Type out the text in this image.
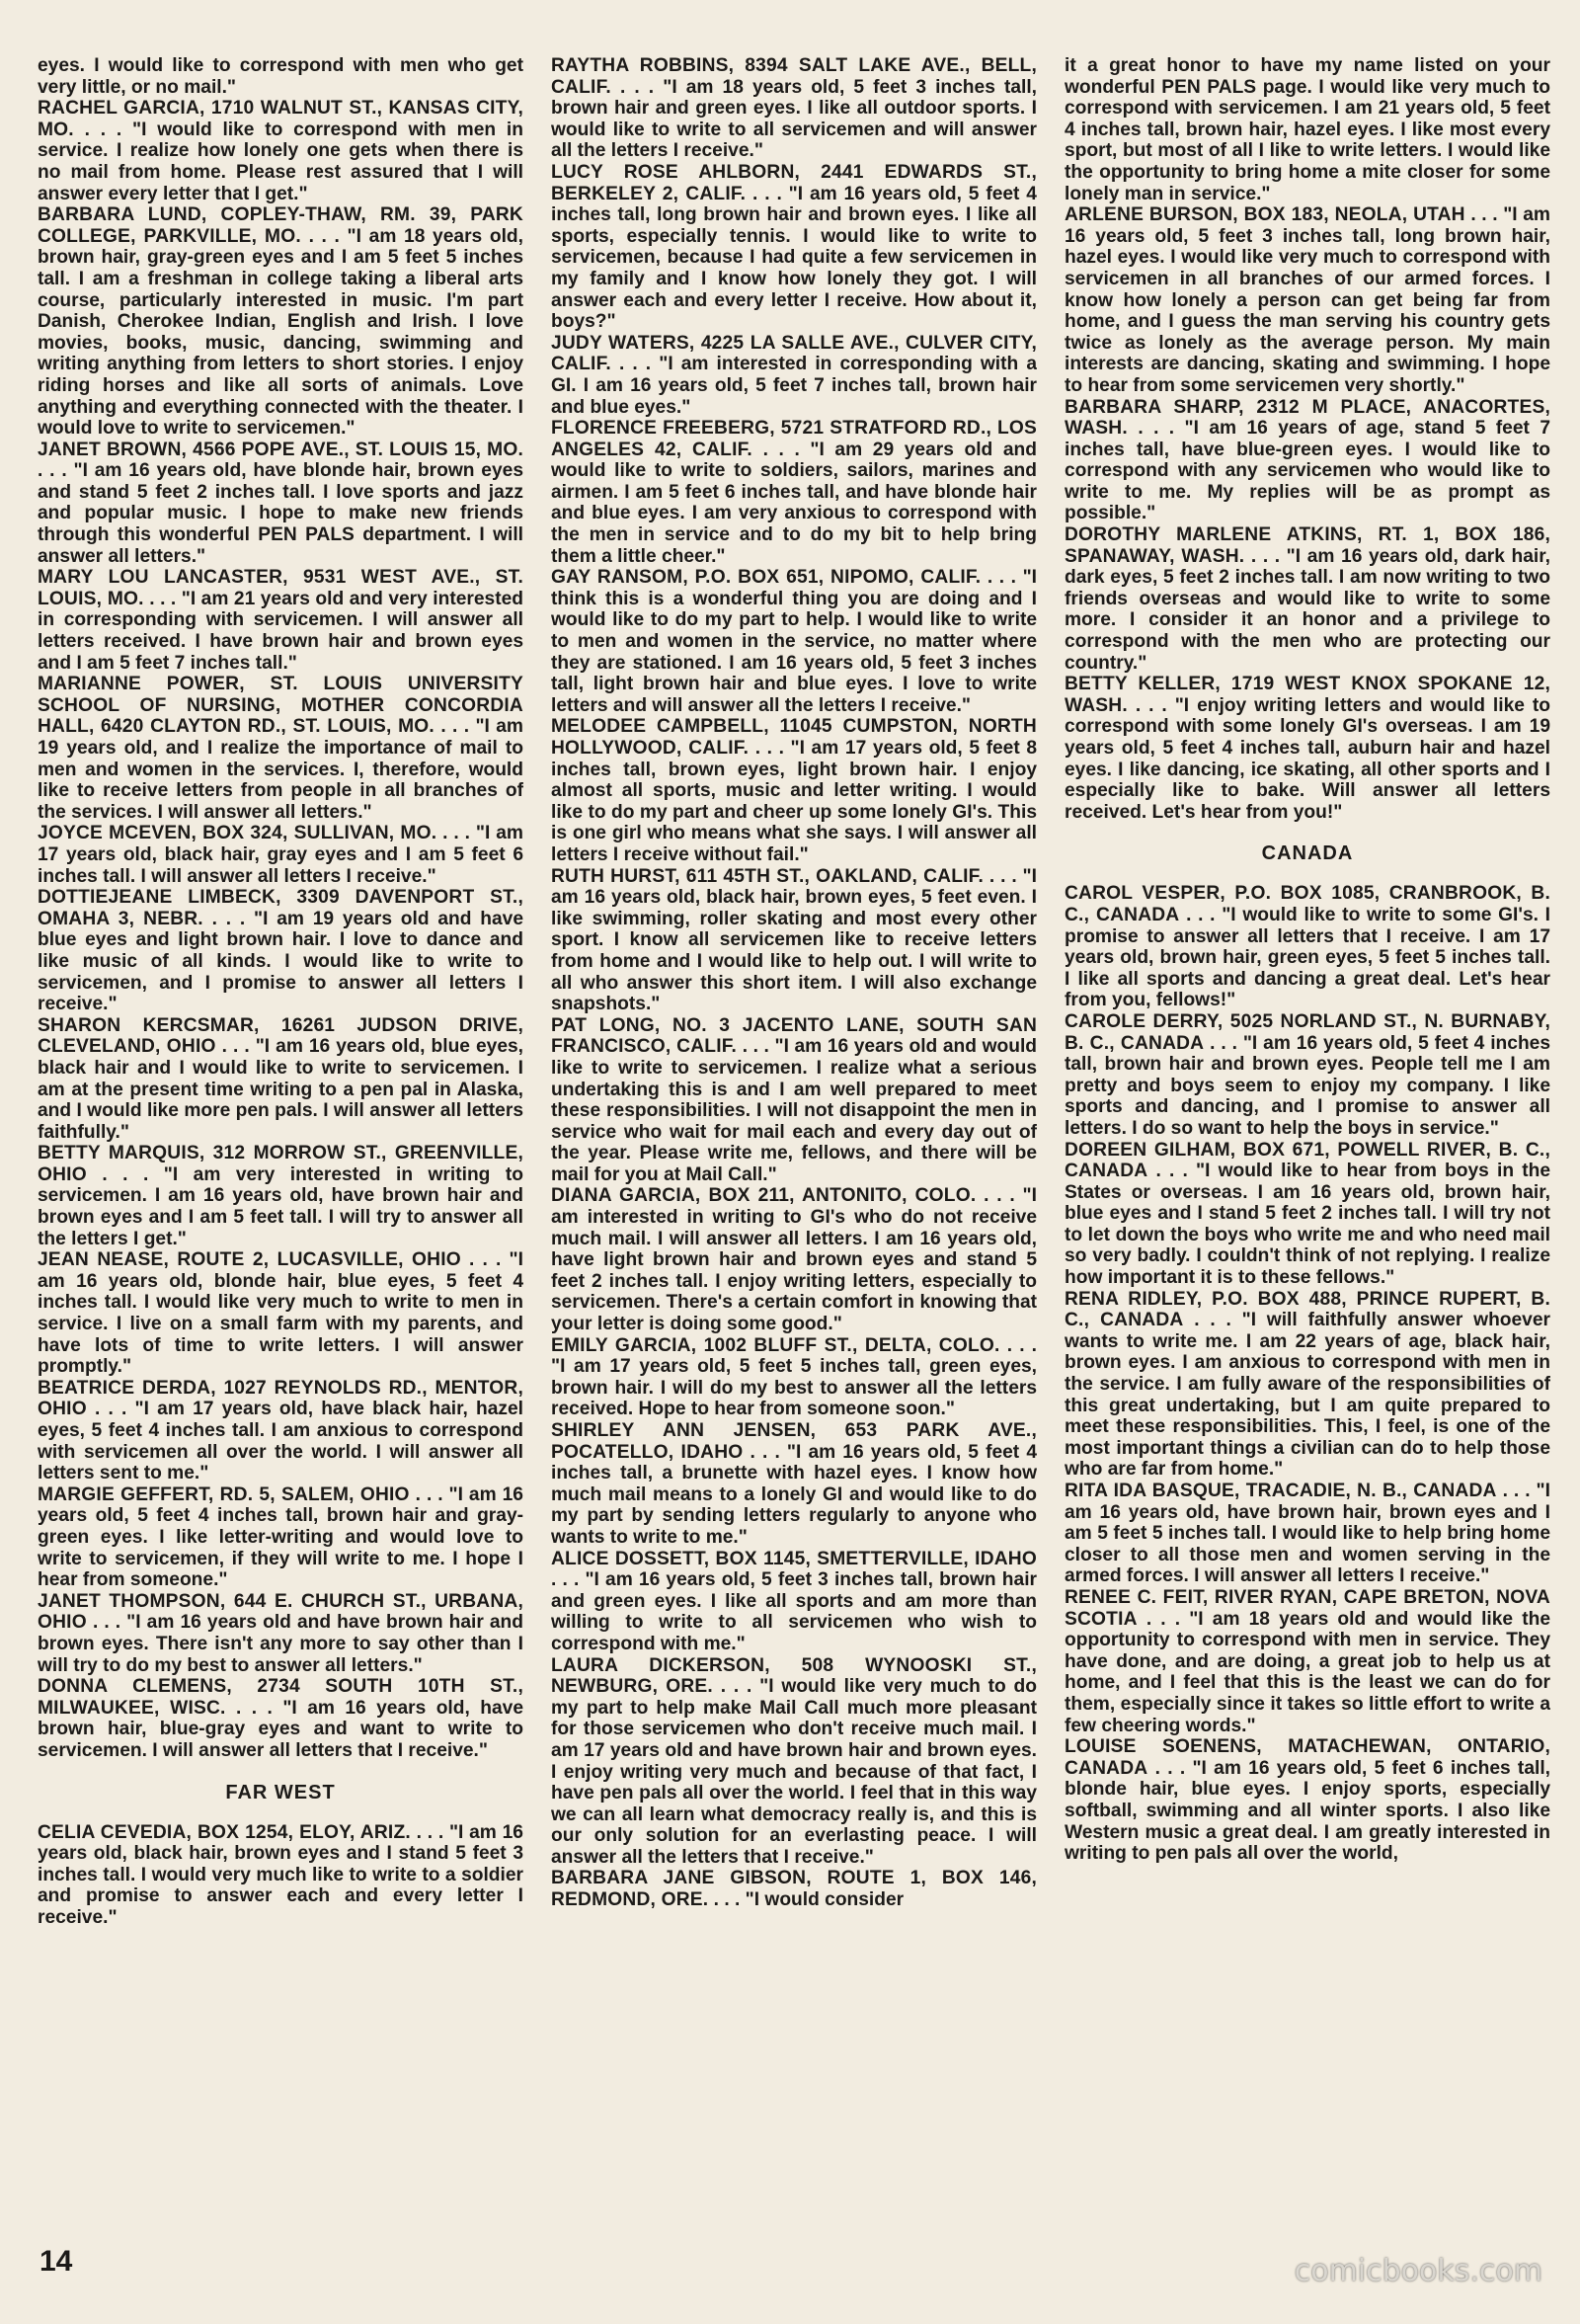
eyes. I would like to correspond with men who get very little, or no mail."

RACHEL GARCIA, 1710 WALNUT ST., KANSAS CITY, MO. . . . "I would like to correspond with men in service. I realize how lonely one gets when there is no mail from home. Please rest assured that I will answer every letter that I get."

BARBARA LUND, COPLEY-THAW, RM. 39, PARK COLLEGE, PARKVILLE, MO. . . . "I am 18 years old, brown hair, gray-green eyes and I am 5 feet 5 inches tall. I am a freshman in college taking a liberal arts course, particularly interested in music. I'm part Danish, Cherokee Indian, English and Irish. I love movies, books, music, dancing, swimming and writing anything from letters to short stories. I enjoy riding horses and like all sorts of animals. Love anything and everything connected with the theater. I would love to write to servicemen."

JANET BROWN, 4566 POPE AVE., ST. LOUIS 15, MO. . . . "I am 16 years old, have blonde hair, brown eyes and stand 5 feet 2 inches tall. I love sports and jazz and popular music. I hope to make new friends through this wonderful PEN PALS department. I will answer all letters."

MARY LOU LANCASTER, 9531 WEST AVE., ST. LOUIS, MO. . . . "I am 21 years old and very interested in corresponding with servicemen. I will answer all letters received. I have brown hair and brown eyes and I am 5 feet 7 inches tall."

MARIANNE POWER, ST. LOUIS UNIVERSITY SCHOOL OF NURSING, MOTHER CONCORDIA HALL, 6420 CLAYTON RD., ST. LOUIS, MO. . . . "I am 19 years old, and I realize the importance of mail to men and women in the services. I, therefore, would like to receive letters from people in all branches of the services. I will answer all letters."

JOYCE MCEVEN, BOX 324, SULLIVAN, MO. . . . "I am 17 years old, black hair, gray eyes and I am 5 feet 6 inches tall. I will answer all letters I receive."

DOTTIEJEANE LIMBECK, 3309 DAVENPORT ST., OMAHA 3, NEBR. . . . "I am 19 years old and have blue eyes and light brown hair. I love to dance and like music of all kinds. I would like to write to servicemen, and I promise to answer all letters I receive."

SHARON KERCSMAR, 16261 JUDSON DRIVE, CLEVELAND, OHIO . . . "I am 16 years old, blue eyes, black hair and I would like to write to servicemen. I am at the present time writing to a pen pal in Alaska, and I would like more pen pals. I will answer all letters faithfully."

BETTY MARQUIS, 312 MORROW ST., GREENVILLE, OHIO . . . "I am very interested in writing to servicemen. I am 16 years old, have brown hair and brown eyes and I am 5 feet tall. I will try to answer all the letters I get."

JEAN NEASE, ROUTE 2, LUCASVILLE, OHIO . . . "I am 16 years old, blonde hair, blue eyes, 5 feet 4 inches tall. I would like very much to write to men in service. I live on a small farm with my parents, and have lots of time to write letters. I will answer promptly."

BEATRICE DERDA, 1027 REYNOLDS RD., MENTOR, OHIO . . . "I am 17 years old, have black hair, hazel eyes, 5 feet 4 inches tall. I am anxious to correspond with servicemen all over the world. I will answer all letters sent to me."

MARGIE GEFFERT, RD. 5, SALEM, OHIO . . . "I am 16 years old, 5 feet 4 inches tall, brown hair and gray-green eyes. I like letter-writing and would love to write to servicemen, if they will write to me. I hope I hear from someone."

JANET THOMPSON, 644 E. CHURCH ST., URBANA, OHIO . . . "I am 16 years old and have brown hair and brown eyes. There isn't any more to say other than I will try to do my best to answer all letters."

DONNA CLEMENS, 2734 SOUTH 10TH ST., MILWAUKEE, WISC. . . . "I am 16 years old, have brown hair, blue-gray eyes and want to write to servicemen. I will answer all letters that I receive."

FAR WEST

CELIA CEVEDIA, BOX 1254, ELOY, ARIZ. . . . "I am 16 years old, black hair, brown eyes and I stand 5 feet 3 inches tall. I would very much like to write to a soldier and promise to answer each and every letter I receive."

RAYTHA ROBBINS, 8394 SALT LAKE AVE., BELL, CALIF. . . . "I am 18 years old, 5 feet 3 inches tall, brown hair and green eyes. I like all outdoor sports. I would like to write to all servicemen and will answer all the letters I receive."

LUCY ROSE AHLBORN, 2441 EDWARDS ST., BERKELEY 2, CALIF. . . . "I am 16 years old, 5 feet 4 inches tall, long brown hair and brown eyes. I like all sports, especially tennis. I would like to write to servicemen, because I had quite a few servicemen in my family and I know how lonely they got. I will answer each and every letter I receive. How about it, boys?"

JUDY WATERS, 4225 LA SALLE AVE., CULVER CITY, CALIF. . . . "I am interested in corresponding with a GI. I am 16 years old, 5 feet 7 inches tall, brown hair and blue eyes."

FLORENCE FREEBERG, 5721 STRATFORD RD., LOS ANGELES 42, CALIF. . . . "I am 29 years old and would like to write to soldiers, sailors, marines and airmen. I am 5 feet 6 inches tall, and have blonde hair and blue eyes. I am very anxious to correspond with the men in service and to do my bit to help bring them a little cheer."

GAY RANSOM, P.O. BOX 651, NIPOMO, CALIF. . . . "I think this is a wonderful thing you are doing and I would like to do my part to help. I would like to write to men and women in the service, no matter where they are stationed. I am 16 years old, 5 feet 3 inches tall, light brown hair and blue eyes. I love to write letters and will answer all the letters I receive."

MELODEE CAMPBELL, 11045 CUMPSTON, NORTH HOLLYWOOD, CALIF. . . . "I am 17 years old, 5 feet 8 inches tall, brown eyes, light brown hair. I enjoy almost all sports, music and letter writing. I would like to do my part and cheer up some lonely GI's. This is one girl who means what she says. I will answer all letters I receive without fail."

RUTH HURST, 611 45TH ST., OAKLAND, CALIF. . . . "I am 16 years old, black hair, brown eyes, 5 feet even. I like swimming, roller skating and most every other sport. I know all servicemen like to receive letters from home and I would like to help out. I will write to all who answer this short item. I will also exchange snapshots."

PAT LONG, NO. 3 JACENTO LANE, SOUTH SAN FRANCISCO, CALIF. . . . "I am 16 years old and would like to write to servicemen. I realize what a serious undertaking this is and I am well prepared to meet these responsibilities. I will not disappoint the men in service who wait for mail each and every day out of the year. Please write me, fellows, and there will be mail for you at Mail Call."

DIANA GARCIA, BOX 211, ANTONITO, COLO. . . . "I am interested in writing to GI's who do not receive much mail. I will answer all letters. I am 16 years old, have light brown hair and brown eyes and stand 5 feet 2 inches tall. I enjoy writing letters, especially to servicemen. There's a certain comfort in knowing that your letter is doing some good."

EMILY GARCIA, 1002 BLUFF ST., DELTA, COLO. . . . "I am 17 years old, 5 feet 5 inches tall, green eyes, brown hair. I will do my best to answer all the letters received. Hope to hear from someone soon."

SHIRLEY ANN JENSEN, 653 PARK AVE., POCATELLO, IDAHO . . . "I am 16 years old, 5 feet 4 inches tall, a brunette with hazel eyes. I know how much mail means to a lonely GI and would like to do my part by sending letters regularly to anyone who wants to write to me."

ALICE DOSSETT, BOX 1145, SMETTERVILLE, IDAHO . . . "I am 16 years old, 5 feet 3 inches tall, brown hair and green eyes. I like all sports and am more than willing to write to all servicemen who wish to correspond with me."

LAURA DICKERSON, 508 WYNOOSKI ST., NEWBURG, ORE. . . . "I would like very much to do my part to help make Mail Call much more pleasant for those servicemen who don't receive much mail. I am 17 years old and have brown hair and brown eyes. I enjoy writing very much and because of that fact, I have pen pals all over the world. I feel that in this way we can all learn what democracy really is, and this is our only solution for an everlasting peace. I will answer all the letters that I receive."

BARBARA JANE GIBSON, ROUTE 1, BOX 146, REDMOND, ORE. . . . "I would consider

it a great honor to have my name listed on your wonderful PEN PALS page. I would like very much to correspond with servicemen. I am 21 years old, 5 feet 4 inches tall, brown hair, hazel eyes. I like most every sport, but most of all I like to write letters. I would like the opportunity to bring home a mite closer for some lonely man in service."

ARLENE BURSON, BOX 183, NEOLA, UTAH . . . "I am 16 years old, 5 feet 3 inches tall, long brown hair, hazel eyes. I would like very much to correspond with servicemen in all branches of our armed forces. I know how lonely a person can get being far from home, and I guess the man serving his country gets twice as lonely as the average person. My main interests are dancing, skating and swimming. I hope to hear from some servicemen very shortly."

BARBARA SHARP, 2312 M PLACE, ANACORTES, WASH. . . . "I am 16 years of age, stand 5 feet 7 inches tall, have blue-green eyes. I would like to correspond with any servicemen who would like to write to me. My replies will be as prompt as possible."

DOROTHY MARLENE ATKINS, RT. 1, BOX 186, SPANAWAY, WASH. . . . "I am 16 years old, dark hair, dark eyes, 5 feet 2 inches tall. I am now writing to two friends overseas and would like to write to some more. I consider it an honor and a privilege to correspond with the men who are protecting our country."

BETTY KELLER, 1719 WEST KNOX SPOKANE 12, WASH. . . . "I enjoy writing letters and would like to correspond with some lonely GI's overseas. I am 19 years old, 5 feet 4 inches tall, auburn hair and hazel eyes. I like dancing, ice skating, all other sports and I especially like to bake. Will answer all letters received. Let's hear from you!"

CANADA

CAROL VESPER, P.O. BOX 1085, CRANBROOK, B. C., CANADA . . . "I would like to write to some GI's. I promise to answer all letters that I receive. I am 17 years old, brown hair, green eyes, 5 feet 5 inches tall. I like all sports and dancing a great deal. Let's hear from you, fellows!"

CAROLE DERRY, 5025 NORLAND ST., N. BURNABY, B. C., CANADA . . . "I am 16 years old, 5 feet 4 inches tall, brown hair and brown eyes. People tell me I am pretty and boys seem to enjoy my company. I like sports and dancing, and I promise to answer all letters. I do so want to help the boys in service."

DOREEN GILHAM, BOX 671, POWELL RIVER, B. C., CANADA . . . "I would like to hear from boys in the States or overseas. I am 16 years old, brown hair, blue eyes and I stand 5 feet 2 inches tall. I will try not to let down the boys who write me and who need mail so very badly. I couldn't think of not replying. I realize how important it is to these fellows."

RENA RIDLEY, P.O. BOX 488, PRINCE RUPERT, B. C., CANADA . . . "I will faithfully answer whoever wants to write me. I am 22 years of age, black hair, brown eyes. I am anxious to correspond with men in the service. I am fully aware of the responsibilities of this great undertaking, but I am quite prepared to meet these responsibilities. This, I feel, is one of the most important things a civilian can do to help those who are far from home."

RITA IDA BASQUE, TRACADIE, N. B., CANADA . . . "I am 16 years old, have brown hair, brown eyes and I am 5 feet 5 inches tall. I would like to help bring home closer to all those men and women serving in the armed forces. I will answer all letters I receive."

RENEE C. FEIT, RIVER RYAN, CAPE BRETON, NOVA SCOTIA . . . "I am 18 years old and would like the opportunity to correspond with men in service. They have done, and are doing, a great job to help us at home, and I feel that this is the least we can do for them, especially since it takes so little effort to write a few cheering words."

LOUISE SOENENS, MATACHEWAN, ONTARIO, CANADA . . . "I am 16 years old, 5 feet 6 inches tall, blonde hair, blue eyes. I enjoy sports, especially softball, swimming and all winter sports. I also like Western music a great deal. I am greatly interested in writing to pen pals all over the world,

14	comicbooks.com
